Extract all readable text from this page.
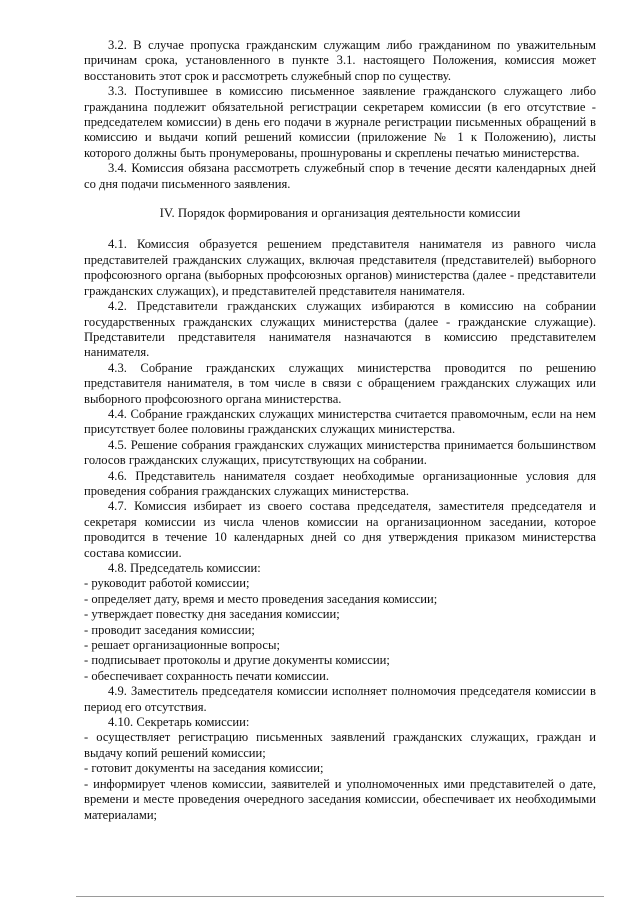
3.2. В случае пропуска гражданским служащим либо гражданином по уважительным причинам срока, установленного в пункте 3.1. настоящего Положения, комиссия может восстановить этот срок и рассмотреть служебный спор по существу.

3.3. Поступившее в комиссию письменное заявление гражданского служащего либо гражданина подлежит обязательной регистрации секретарем комиссии (в его отсутствие - председателем комиссии) в день его подачи в журнале регистрации письменных обращений в комиссию и выдачи копий решений комиссии (приложение № 1 к Положению), листы которого должны быть пронумерованы, прошнурованы и скреплены печатью министерства.

3.4. Комиссия обязана рассмотреть служебный спор в течение десяти календарных дней со дня подачи письменного заявления.

IV. Порядок формирования и организация деятельности комиссии

4.1. Комиссия образуется решением представителя нанимателя из равного числа представителей гражданских служащих, включая представителя (представителей) выборного профсоюзного органа (выборных профсоюзных органов) министерства (далее - представители гражданских служащих), и представителей представителя нанимателя.

4.2. Представители гражданских служащих избираются в комиссию на собрании государственных гражданских служащих министерства (далее - гражданские служащие). Представители представителя нанимателя назначаются в комиссию представителем нанимателя.

4.3. Собрание гражданских служащих министерства проводится по решению представителя нанимателя, в том числе в связи с обращением гражданских служащих или выборного профсоюзного органа министерства.

4.4. Собрание гражданских служащих министерства считается правомочным, если на нем присутствует более половины гражданских служащих министерства.

4.5. Решение собрания гражданских служащих министерства принимается большинством голосов гражданских служащих, присутствующих на собрании.

4.6. Представитель нанимателя создает необходимые организационные условия для проведения собрания гражданских служащих министерства.

4.7. Комиссия избирает из своего состава председателя, заместителя председателя и секретаря комиссии из числа членов комиссии на организационном заседании, которое проводится в течение 10 календарных дней со дня утверждения приказом министерства состава комиссии.

4.8. Председатель комиссии:

- руководит работой комиссии;
- определяет дату, время и место проведения заседания комиссии;
- утверждает повестку дня заседания комиссии;
- проводит заседания комиссии;
- решает организационные вопросы;
- подписывает протоколы и другие документы комиссии;
- обеспечивает сохранность печати комиссии.

4.9. Заместитель председателя комиссии исполняет полномочия председателя комиссии в период его отсутствия.

4.10. Секретарь комиссии:

- осуществляет регистрацию письменных заявлений гражданских служащих, граждан и выдачу копий решений комиссии;

- готовит документы на заседания комиссии;

- информирует членов комиссии, заявителей и уполномоченных ими представителей о дате, времени и месте проведения очередного заседания комиссии, обеспечивает их необходимыми материалами;
